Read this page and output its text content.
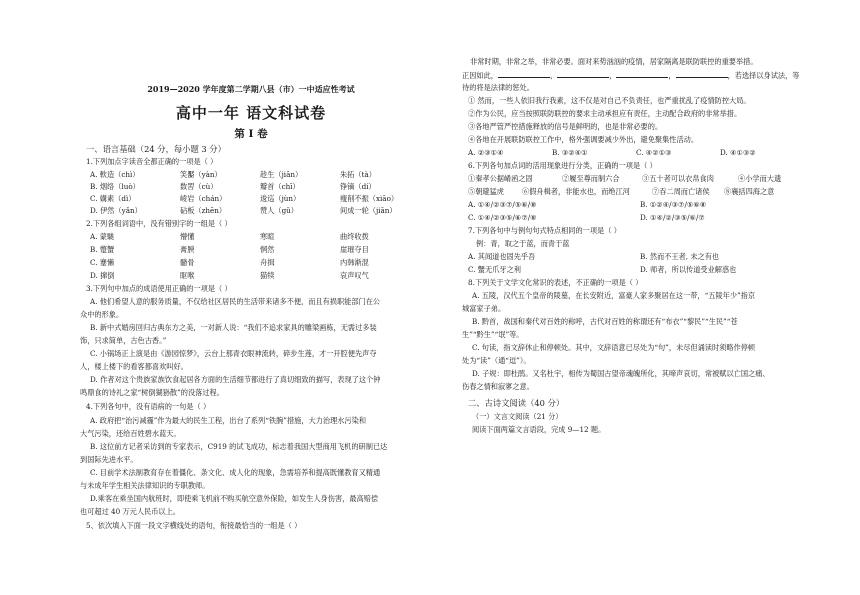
2019—2020 学年度第二学期八县（市）一中适应性考试
高中一年 语文科试卷
第 Ⅰ 卷
一、语言基础（24 分，每小题 3 分）
1.下列加点字读音全都正确的一项是（ ）
A. 軟造（chì）	笑靨（yàn）	趁生（jiān）	朱拓（tà）
B. 烟络（luò）	数罟（cù）	瓣首（chī）	铮镝（dí）
C. 媾素（dì）	崚岩（chán）	逡巡（jùn）	瘦削不振（xiāo）
D. 伊然（yǎn）	砧板（zhēn）	赞人（gǔ）	间成一轮（jiān）
2.下列各组词语中，没有错别字的一组是（ ）
A. 蒙駹	懵懂	寒暄	曲终收拨
B. 蹩蟹	膏腴	惘然	崖璀夺目
C. 蹇懒	髓骨	舟揖	内韩渐混
D. 撺倒	眍喉	猫犊	哀声叹气
3.下列句中加点的成语使用正确的一项是（ ）
A. 他们希望人意的服务质量，不仅给社区居民的生活带来诸多不便，而且有损职能部门在公
众中的形象。
B. 新中式婚房回归古典东方之美，一对新人说：“我们不追求家具的雕梁画栋，无需过多装
饰，只求简单，古色古香。”
C. 小锅场正上演是由《游园惊梦》，云台上那青衣眼神流转，碎步生莲，才一开腔便先声夺
人，楼上楼下的看客都喜欢叫好。
D. 作者对这个贵族家族饮食起居各方面的生活细节都进行了真切细致的描写，表现了这个钟
鸣鼎食的诗礼之家“树倒猢狲散”的没落过程。
4.下列各句中，没有语病的一句是（ ）
A. 政府把“治污减霾”作为最大的民生工程，出台了系列“铁腕”措施，大力治理水污染和
大气污染，还给百姓碧水蓝天。
B. 这位前方记者采访到的专家表示，C919 的试飞成功，标志着我国大型商用飞机的研制已达
到国际先进水平。
C. 目前学术法制教育存在着僵化、条文化、成人化的现象，急需培养和提高既懂教育又精通
与未成年学生相关法律知识的专职教师。
D.乘客在乘坐国内航班时，即使乘飞机前不购买航空意外保险，如发生人身伤害，最高赔偿
也可超过 40 万元人民币以上。
5、依次填入下面一段文字横线处的语句，衔接最恰当的一组是（ ）
非常时期，非常之举，非常必要。面对来势汹汹的疫情，居家隔离是联防联控的重要举措。
正因如此，	，	，	，	，若选择以身试法，等
待的将是法律的惩处。
① 然而，一些人依旧我行我素，这不仅是对自己不负责任，也严重扰乱了疫情防控大局。
②作为公民，应当按照联防联控的要求主动承担应有责任，主动配合政府的非常举措。
③各地严管严控措施释放的信号是鲜明的，也是非常必要的。
④各地在开展联防联控工作中，格外强调要减少外出，避免聚集性活动。
A. ②③①④	B. ③②④①	C. ④②①③	D. ④①③②
6.下列各句加点词的活用现象进行分类，正确的一项是（ ）
①秦孝公据崤函之固	②履至尊而制六合	③五十者可以衣帛食肉	④小学而大遗
⑤朝避猛虎	⑥假舟楫者，非能水也，而绝江河	⑦吞二周而亡诸侯 ⑧襄括四海之意
A. ①④/②③⑦/⑤⑥/⑧	B. ①②④/③⑦/⑤⑥⑧
C. ①④/②③⑤/⑥⑦/⑧	D. ①④/②/③⑤/⑥/⑦
7.下列各句中与例句句式特点相同的一项是（ ）
例：青，取之于蓝，而青于蓝
A. 其闻道也固先乎吾	B. 然而不王者, 未之有也
C. 蟹无爪牙之利	D. 师者，所以传道受业解惑也
8.下列关于文学文化常识的表述，不正确的一项是（ ）
A. 五陵，汉代五个皇帝的陵墓，在长安附近，富豪人家多聚居在这一带，“五陵年少”指京
城富家子弟。
B. 黔首，战国和秦代对百姓的称呼，古代对百姓的称谓还有“布衣”“黎民”“生民”“苍
生”“黔生”“氓”等。
C. 句读，指文辞休止和停顿处。其中，文辞语意已尽处为“句”，未尽但诵读时须略作停顿
处为“读”（通“逗”）。
D. 子规：即杜鹃。又名杜宇，相传为蜀国古望帝魂魄所化，其啼声哀切，常被赋以亡国之痛、
伤春之情和寂寥之意。
二、古诗文阅读（40 分）
（一）文言文阅读（21 分）
阅读下面两篇文言语段，完成 9—12 题。
